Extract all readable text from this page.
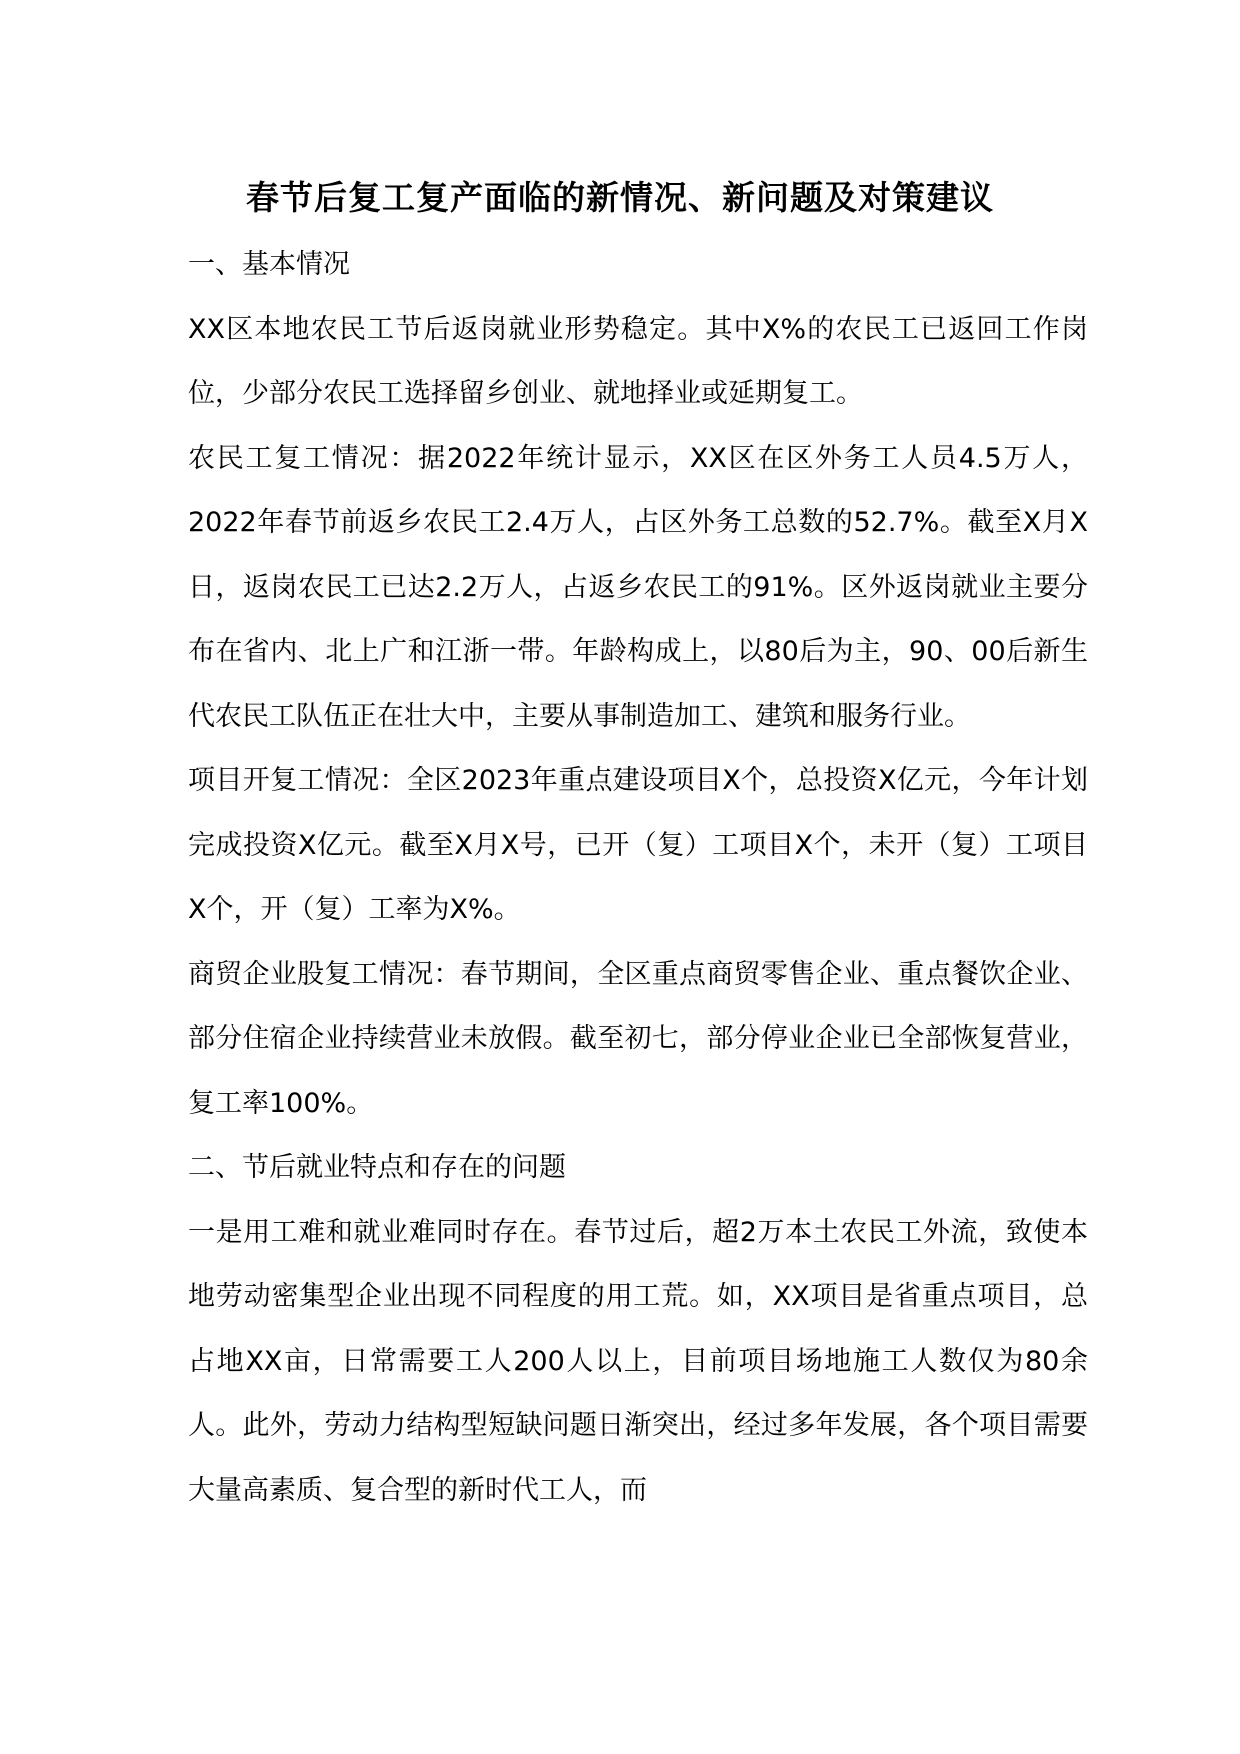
春节后复工复产面临的新情况、新问题及对策建议

一、基本情况

XX区本地农民工节后返岗就业形势稳定。其中X%的农民工已返回工作岗位，少部分农民工选择留乡创业、就地择业或延期复工。

农民工复工情况：据2022年统计显示，XX区在区外务工人员4.5万人，2022年春节前返乡农民工2.4万人，占区外务工总数的52.7%。截至X月X日，返岗农民工已达2.2万人，占返乡农民工的91%。区外返岗就业主要分布在省内、北上广和江浙一带。年龄构成上，以80后为主，90、00后新生代农民工队伍正在壮大中，主要从事制造加工、建筑和服务行业。

项目开复工情况：全区2023年重点建设项目X个，总投资X亿元，今年计划完成投资X亿元。截至X月X号，已开（复）工项目X个，未开（复）工项目X个，开（复）工率为X%。

商贸企业股复工情况：春节期间，全区重点商贸零售企业、重点餐饮企业、部分住宿企业持续营业未放假。截至初七，部分停业企业已全部恢复营业，复工率100%。

二、节后就业特点和存在的问题

一是用工难和就业难同时存在。春节过后，超2万本土农民工外流，致使本地劳动密集型企业出现不同程度的用工荒。如，XX项目是省重点项目，总占地XX亩，日常需要工人200人以上，目前项目场地施工人数仅为80余人。此外，劳动力结构型短缺问题日渐突出，经过多年发展，各个项目需要大量高素质、复合型的新时代工人，而
